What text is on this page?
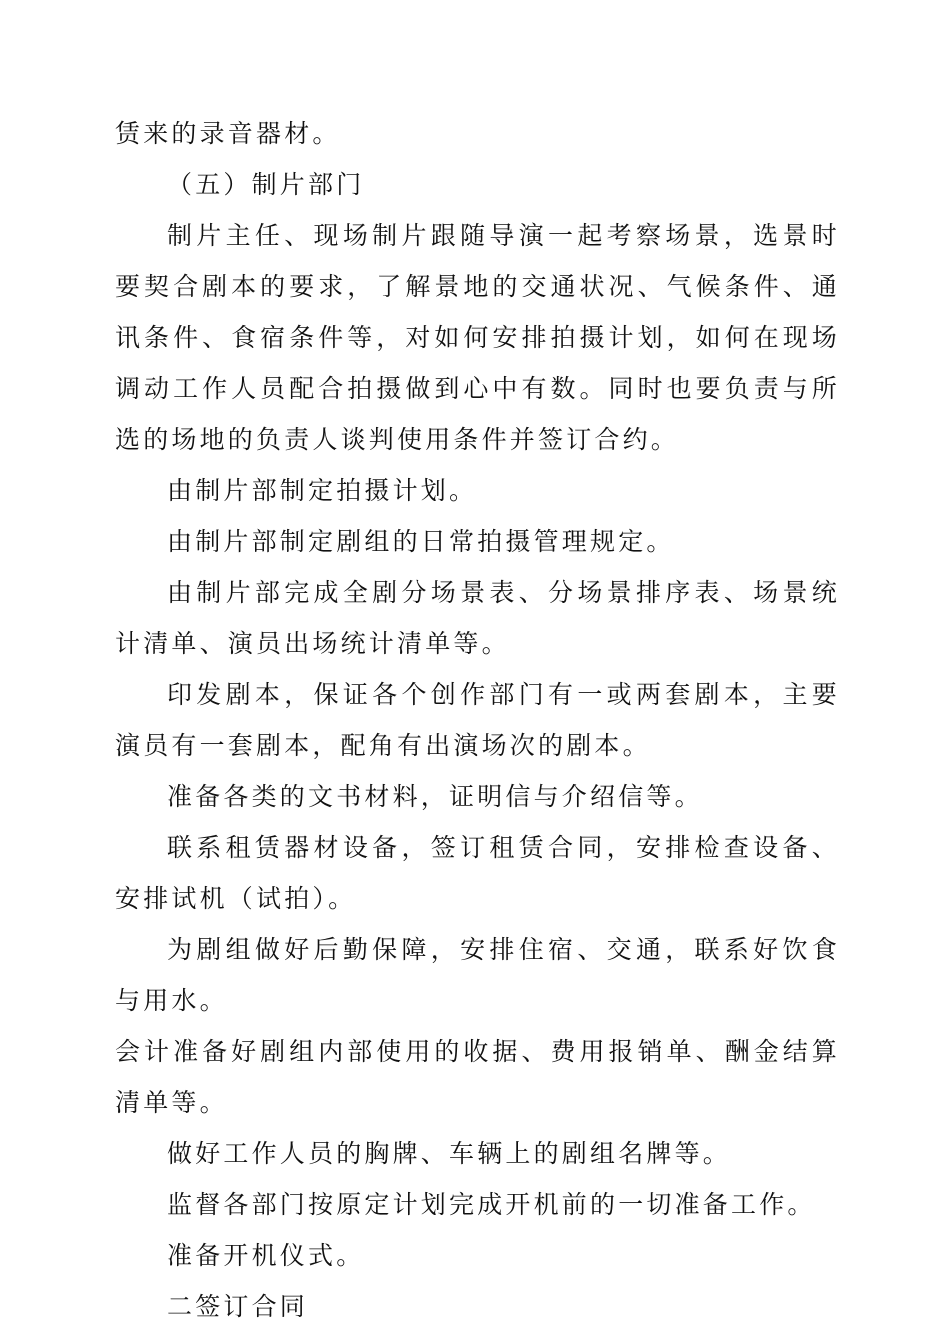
赁来的录音器材。

（五）制片部门

制片主任、现场制片跟随导演一起考察场景，选景时要契合剧本的要求，了解景地的交通状况、气候条件、通讯条件、食宿条件等，对如何安排拍摄计划，如何在现场调动工作人员配合拍摄做到心中有数。同时也要负责与所选的场地的负责人谈判使用条件并签订合约。

由制片部制定拍摄计划。

由制片部制定剧组的日常拍摄管理规定。

由制片部完成全剧分场景表、分场景排序表、场景统计清单、演员出场统计清单等。

印发剧本，保证各个创作部门有一或两套剧本，主要演员有一套剧本，配角有出演场次的剧本。

准备各类的文书材料，证明信与介绍信等。

联系租赁器材设备，签订租赁合同，安排检查设备、安排试机（试拍）。

为剧组做好后勤保障，安排住宿、交通，联系好饮食与用水。

会计准备好剧组内部使用的收据、费用报销单、酬金结算清单等。

做好工作人员的胸牌、车辆上的剧组名牌等。

监督各部门按原定计划完成开机前的一切准备工作。

准备开机仪式。

二签订合同
